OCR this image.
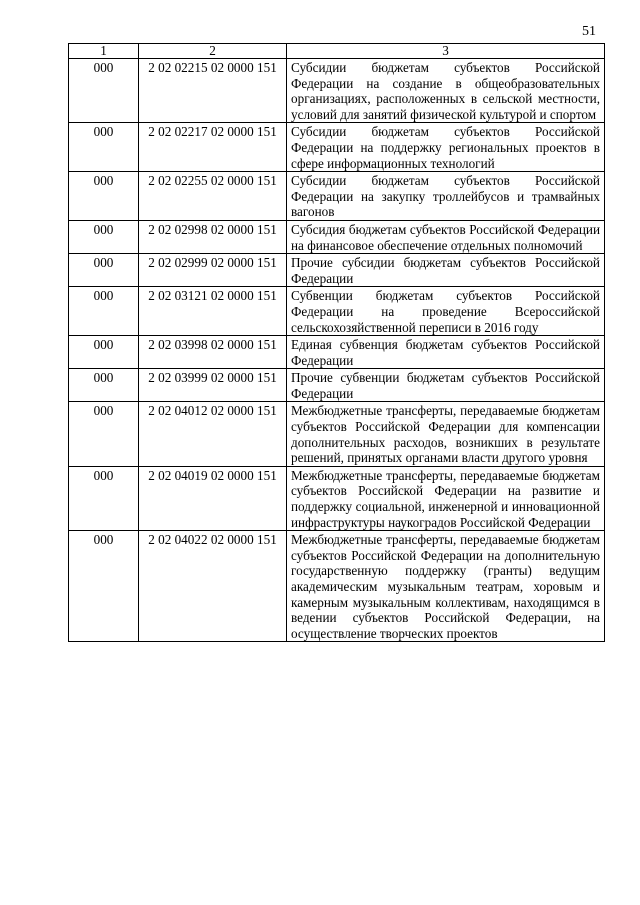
51
1	2	3
000	2 02 02215 02 0000 151	Субсидии бюджетам субъектов Российской Федерации на создание в общеобразовательных организациях, расположенных в сельской местности, условий для занятий физической культурой и спортом
000	2 02 02217 02 0000 151	Субсидии бюджетам субъектов Российской Федерации на поддержку региональных проектов в сфере информационных технологий
000	2 02 02255 02 0000 151	Субсидии бюджетам субъектов Российской Федерации на закупку троллейбусов и трамвайных вагонов
000	2 02 02998 02 0000 151	Субсидия бюджетам субъектов Российской Федерации на финансовое обеспечение отдельных полномочий
000	2 02 02999 02 0000 151	Прочие субсидии бюджетам субъектов Российской Федерации
000	2 02 03121 02 0000 151	Субвенции бюджетам субъектов Российской Федерации на проведение Всероссийской сельскохозяйственной переписи в 2016 году
000	2 02 03998 02 0000 151	Единая субвенция бюджетам субъектов Российской Федерации
000	2 02 03999 02 0000 151	Прочие субвенции бюджетам субъектов Российской Федерации
000	2 02 04012 02 0000 151	Межбюджетные трансферты, передаваемые бюджетам субъектов Российской Федерации для компенсации дополнительных расходов, возникших в результате решений, принятых органами власти другого уровня
000	2 02 04019 02 0000 151	Межбюджетные трансферты, передаваемые бюджетам субъектов Российской Федерации на развитие и поддержку социальной, инженерной и инновационной инфраструктуры наукоградов Российской Федерации
000	2 02 04022 02 0000 151	Межбюджетные трансферты, передаваемые бюджетам субъектов Российской Федерации на дополнительную государственную поддержку (гранты) ведущим академическим музыкальным театрам, хоровым и камерным музыкальным коллективам, находящимся в ведении субъектов Российской Федерации, на осуществление творческих проектов
